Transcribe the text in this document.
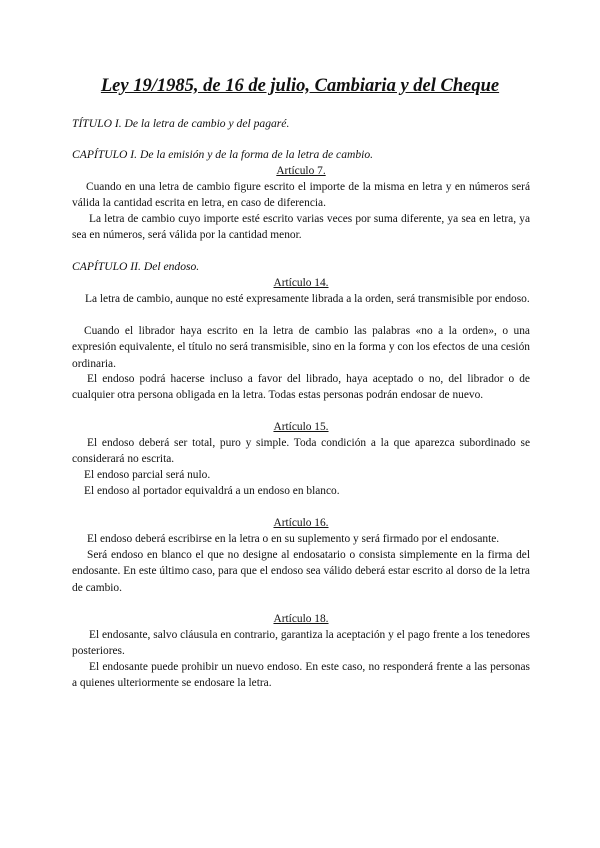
Ley 19/1985, de 16 de julio, Cambiaria y del Cheque
TÍTULO I. De la letra de cambio y del pagaré.
CAPÍTULO I. De la emisión y de la forma de la letra de cambio.
Artículo 7.
Cuando en una letra de cambio figure escrito el importe de la misma en letra y en números será válida la cantidad escrita en letra, en caso de diferencia.
La letra de cambio cuyo importe esté escrito varias veces por suma diferente, ya sea en letra, ya sea en números, será válida por la cantidad menor.
CAPÍTULO II. Del endoso.
Artículo 14.
La letra de cambio, aunque no esté expresamente librada a la orden, será transmisible por endoso.
Cuando el librador haya escrito en la letra de cambio las palabras «no a la orden», o una expresión equivalente, el título no será transmisible, sino en la forma y con los efectos de una cesión ordinaria.
El endoso podrá hacerse incluso a favor del librado, haya aceptado o no, del librador o de cualquier otra persona obligada en la letra. Todas estas personas podrán endosar de nuevo.
Artículo 15.
El endoso deberá ser total, puro y simple. Toda condición a la que aparezca subordinado se considerará no escrita.
El endoso parcial será nulo.
El endoso al portador equivaldrá a un endoso en blanco.
Artículo 16.
El endoso deberá escribirse en la letra o en su suplemento y será firmado por el endosante.
Será endoso en blanco el que no designe al endosatario o consista simplemente en la firma del endosante. En este último caso, para que el endoso sea válido deberá estar escrito al dorso de la letra de cambio.
Artículo 18.
El endosante, salvo cláusula en contrario, garantiza la aceptación y el pago frente a los tenedores posteriores.
El endosante puede prohibir un nuevo endoso. En este caso, no responderá frente a las personas a quienes ulteriormente se endosare la letra.
